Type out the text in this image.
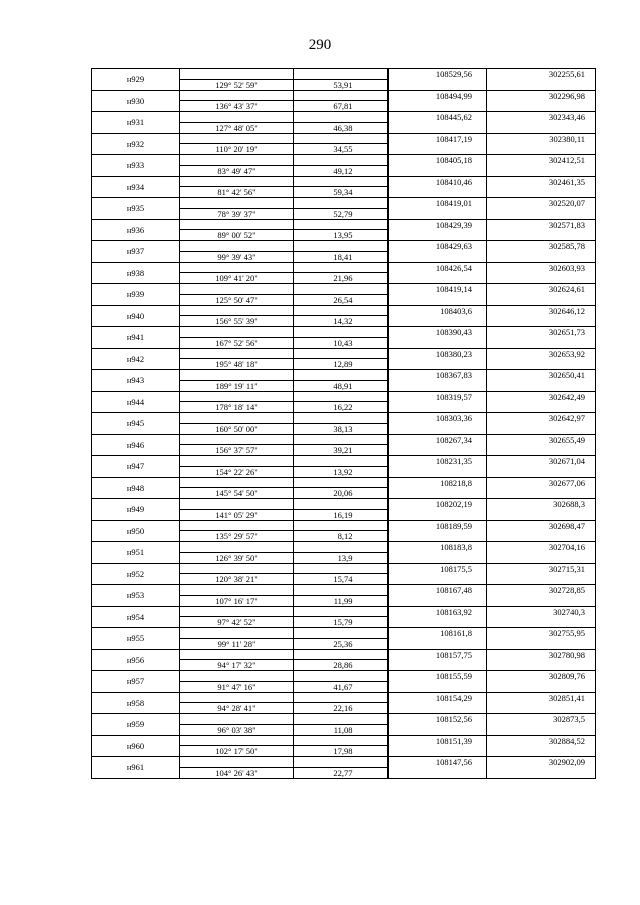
290
н929			108529,56	302255,61
	129° 52' 59"	53,91		
н930			108494,99	302296,98
	136° 43' 37"	67,81		
н931			108445,62	302343,46
	127° 48' 05"	46,38		
н932			108417,19	302380,11
	110° 20' 19"	34,55		
н933			108405,18	302412,51
	83° 49' 47"	49,12		
н934			108410,46	302461,35
	81° 42' 56"	59,34		
н935			108419,01	302520,07
	78° 39' 37"	52,79		
н936			108429,39	302571,83
	89° 00' 52"	13,95		
н937			108429,63	302585,78
	99° 39' 43"	18,41		
н938			108426,54	302603,93
	109° 41' 20"	21,96		
н939			108419,14	302624,61
	125° 50' 47"	26,54		
н940			108403,6	302646,12
	156° 55' 39"	14,32		
н941			108390,43	302651,73
	167° 52' 56"	10,43		
н942			108380,23	302653,92
	195° 48' 18"	12,89		
н943			108367,83	302650,41
	189° 19' 11"	48,91		
н944			108319,57	302642,49
	178° 18' 14"	16,22		
н945			108303,36	302642,97
	160° 50' 00"	38,13		
н946			108267,34	302655,49
	156° 37' 57"	39,21		
н947			108231,35	302671,04
	154° 22' 26"	13,92		
н948			108218,8	302677,06
	145° 54' 50"	20,06		
н949			108202,19	302688,3
	141° 05' 29"	16,19		
н950			108189,59	302698,47
	135° 29' 57"	8,12		
н951			108183,8	302704,16
	126° 39' 50"	13,9		
н952			108175,5	302715,31
	120° 38' 21"	15,74		
н953			108167,48	302728,85
	107° 16' 17"	11,99		
н954			108163,92	302740,3
	97° 42' 52"	15,79		
н955			108161,8	302755,95
	99° 11' 28"	25,36		
н956			108157,75	302780,98
	94° 17' 32"	28,86		
н957			108155,59	302809,76
	91° 47' 16"	41,67		
н958			108154,29	302851,41
	94° 28' 41"	22,16		
н959			108152,56	302873,5
	96° 03' 38"	11,08		
н960			108151,39	302884,52
	102° 17' 50"	17,98		
н961			108147,56	302902,09
	104° 26' 43"	22,77		
